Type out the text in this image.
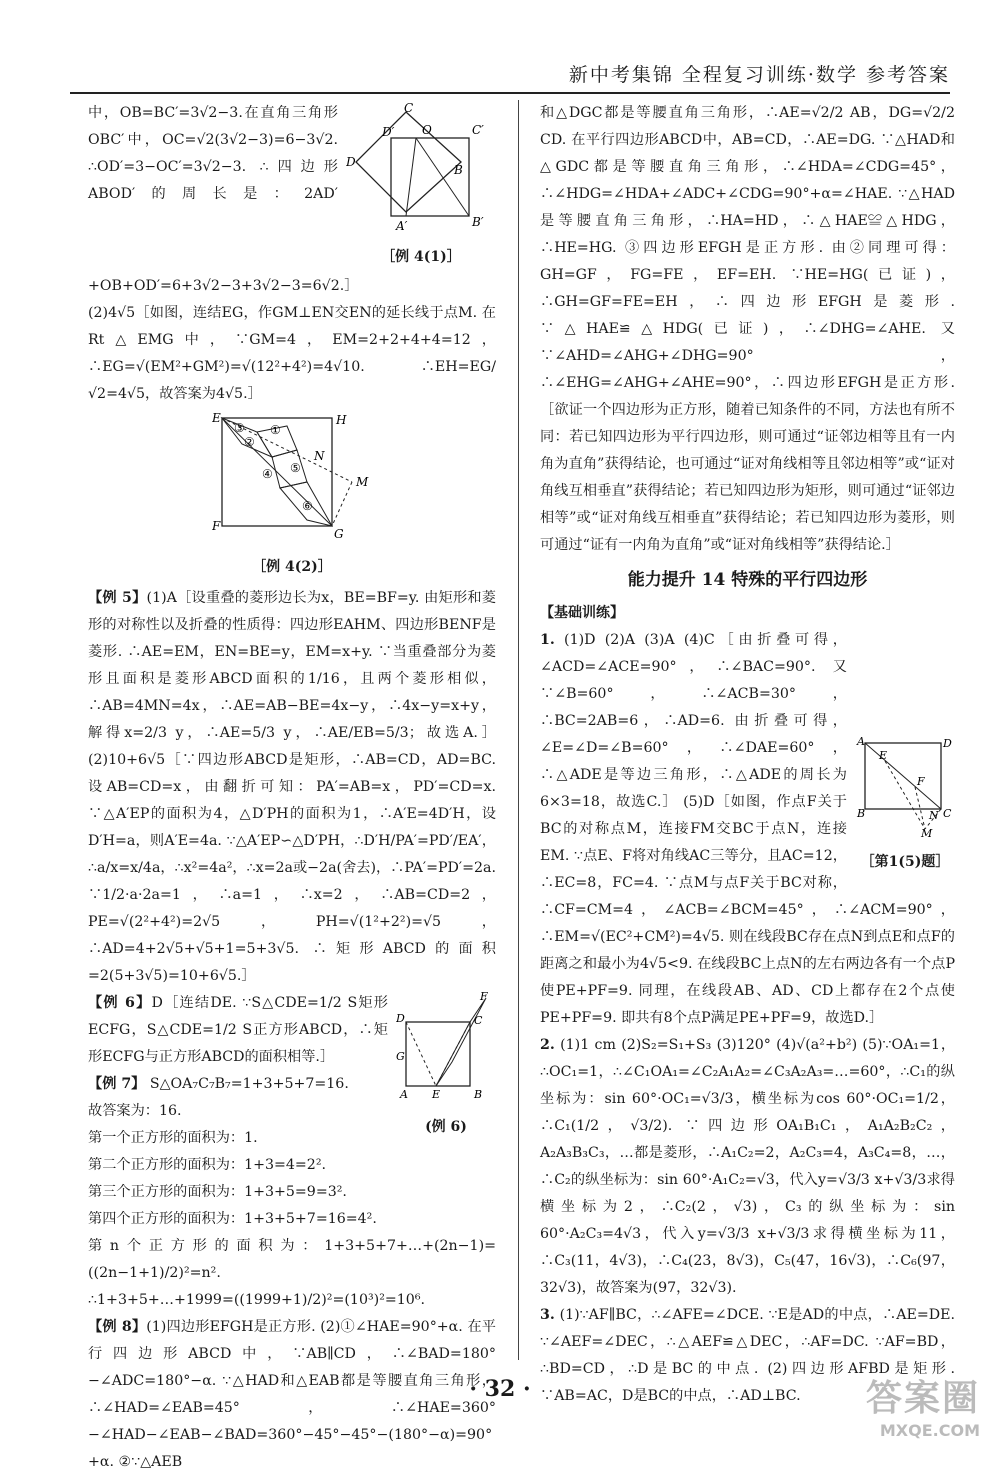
新中考集锦 全程复习训练·数学 参考答案
C
C′
D
D′ O
B
A′	B′
［例 4(1)］

中，OB=BC′=3√2−3.在直角三角形OBC′中，OC=√2(3√2−3)=6−3√2. ∴OD′=3−OC′=3√2−3. ∴四边形ABOD′的周长是：2AD′+OB+OD′=6+3√2−3+3√2−3=6√2.］

(2)4√5［如图，连结EG，作GM⊥EN交EN的延长线于点M. 在Rt△EMG中，∵GM=4，EM=2+2+4+4=12，∴EG=√(EM²+GM²)=√(12²+4²)=4√10. ∴EH=EG/√2=4√5，故答案为4√5.］

E	H
F
G
N
M
①
②
③
④ ⑤
⑥
［例 4(2)］

【例 5】(1)A［设重叠的菱形边长为x，BE=BF=y. 由矩形和菱形的对称性以及折叠的性质得：四边形EAHM、四边形BENF是菱形. ∴AE=EM，EN=BE=y，EM=x+y. ∵当重叠部分为菱形且面积是菱形ABCD面积的1/16，且两个菱形相似，∴AB=4MN=4x，∴AE=AB−BE=4x−y，∴4x−y=x+y，解得x=2/3 y，∴AE=5/3 y，∴AE/EB=5/3；故选A.］ (2)10+6√5［∵四边形ABCD是矩形，∴AB=CD，AD=BC. 设AB=CD=x，由翻折可知：PA′=AB=x，PD′=CD=x. ∵△A′EP的面积为4，△D′PH的面积为1，∴A′E=4D′H，设D′H=a，则A′E=4a. ∵△A′EP∽△D′PH，∴D′H/PA′=PD′/EA′，∴a/x=x/4a，∴x²=4a²，∴x=2a或−2a(舍去)，∴PA′=PD′=2a. ∵1/2·a·2a=1，∴a=1，∴x=2，∴AB=CD=2，PE=√(2²+4²)=2√5，PH=√(1²+2²)=√5，∴AD=4+2√5+√5+1=5+3√5. ∴矩形ABCD的面积=2(5+3√5)=10+6√5.］

F
D	C
G
A E	B
(例 6)

【例 6】D［连结DE. ∵S△CDE=1/2 S矩形ECFG，S△CDE=1/2 S正方形ABCD，∴矩形ECFG与正方形ABCD的面积相等.］

【例 7】 S△OA₇C₇B₇=1+3+5+7=16.
故答案为：16.
第一个正方形的面积为：1.
第二个正方形的面积为：1+3=4=2².
第三个正方形的面积为：1+3+5=9=3².
第四个正方形的面积为：1+3+5+7=16=4².
第n个正方形的面积为：1+3+5+7+…+(2n−1)=((2n−1+1)/2)²=n².
∴1+3+5+…+1999=((1999+1)/2)²=(10³)²=10⁶.

【例 8】(1)四边形EFGH是正方形. (2)①∠HAE=90°+α. 在平行四边形ABCD中，∵AB∥CD，∴∠BAD=180°−∠ADC=180°−α. ∵△HAD和△EAB都是等腰直角三角形，∴∠HAD=∠EAB=45°，∴∠HAE=360°−∠HAD−∠EAB−∠BAD=360°−45°−45°−(180°−α)=90°+α. ②∵△AEB

和△DGC都是等腰直角三角形，∴AE=√2/2 AB，DG=√2/2 CD. 在平行四边形ABCD中，AB=CD，∴AE=DG. ∵△HAD和△GDC都是等腰直角三角形，∴∠HDA=∠CDG=45°，∴∠HDG=∠HDA+∠ADC+∠CDG=90°+α=∠HAE. ∵△HAD是等腰直角三角形，∴HA=HD，∴△HAE≌△HDG，∴HE=HG. ③四边形EFGH是正方形. 由②同理可得：GH=GF，FG=FE，EF=EH. ∵HE=HG(已证)，∴GH=GF=FE=EH，∴四边形EFGH是菱形. ∵△HAE≌△HDG(已证)，∴∠DHG=∠AHE. 又∵∠AHD=∠AHG+∠DHG=90°，∴∠EHG=∠AHG+∠AHE=90°，∴四边形EFGH是正方形.［欲证一个四边形为正方形，随着已知条件的不同，方法也有所不同：若已知四边形为平行四边形，则可通过“证邻边相等且有一内角为直角”获得结论，也可通过“证对角线相等且邻边相等”或“证对角线互相垂直”获得结论；若已知四边形为矩形，则可通过“证邻边相等”或“证对角线互相垂直”获得结论；若已知四边形为菱形，则可通过“证有一内角为直角”或“证对角线相等”获得结论.］

能力提升 14 特殊的平行四边形
【基础训练】
A	D
E
F
B	N C
M
［第1(5)题］

1. (1)D (2)A (3)A (4)C［由折叠可得，∠ACD=∠ACE=90°，∴∠BAC=90°. 又∵∠B=60°，∴∠ACB=30°，∴BC=2AB=6，∴AD=6. 由折叠可得，∠E=∠D=∠B=60°，∴∠DAE=60°，∴△ADE是等边三角形，∴△ADE的周长为6×3=18，故选C.］ (5)D［如图，作点F关于BC的对称点M，连接FM交BC于点N，连接EM. ∵点E、F将对角线AC三等分，且AC=12，∴EC=8，FC=4. ∵点M与点F关于BC对称，∴CF=CM=4，∠ACB=∠BCM=45°，∴∠ACM=90°，∴EM=√(EC²+CM²)=4√5. 则在线段BC存在点N到点E和点F的距离之和最小为4√5<9. 在线段BC上点N的左右两边各有一个点P使PE+PF=9. 同理，在线段AB、AD、CD上都存在2个点使PE+PF=9. 即共有8个点P满足PE+PF=9，故选D.］

2. (1)1 cm (2)S₂=S₁+S₃ (3)120° (4)√(a²+b²) (5)∵OA₁=1，∴OC₁=1，∴∠C₁OA₁=∠C₂A₁A₂=∠C₃A₂A₃=…=60°，∴C₁的纵坐标为：sin 60°·OC₁=√3/3，横坐标为cos 60°·OC₁=1/2，∴C₁(1/2，√3/2). ∵四边形OA₁B₁C₁，A₁A₂B₂C₂，A₂A₃B₃C₃，…都是菱形，∴A₁C₂=2，A₂C₃=4，A₃C₄=8，…，∴C₂的纵坐标为：sin 60°·A₁C₂=√3，代入y=√3/3 x+√3/3求得横坐标为2，∴C₂(2，√3)，C₃的纵坐标为：sin 60°·A₂C₃=4√3，代入y=√3/3 x+√3/3求得横坐标为11，∴C₃(11，4√3)，∴C₄(23，8√3)，C₅(47，16√3)，∴C₆(97，32√3)，故答案为(97，32√3).

3. (1)∵AF∥BC，∴∠AFE=∠DCE. ∵E是AD的中点，∴AE=DE. ∵∠AEF=∠DEC，∴△AEF≌△DEC，∴AF=DC. ∵AF=BD，∴BD=CD，∴D是BC的中点. (2)四边形AFBD是矩形. ∵AB=AC，D是BC的中点，∴AD⊥BC.

· 32 ·	答案圈
MXQE.COM
